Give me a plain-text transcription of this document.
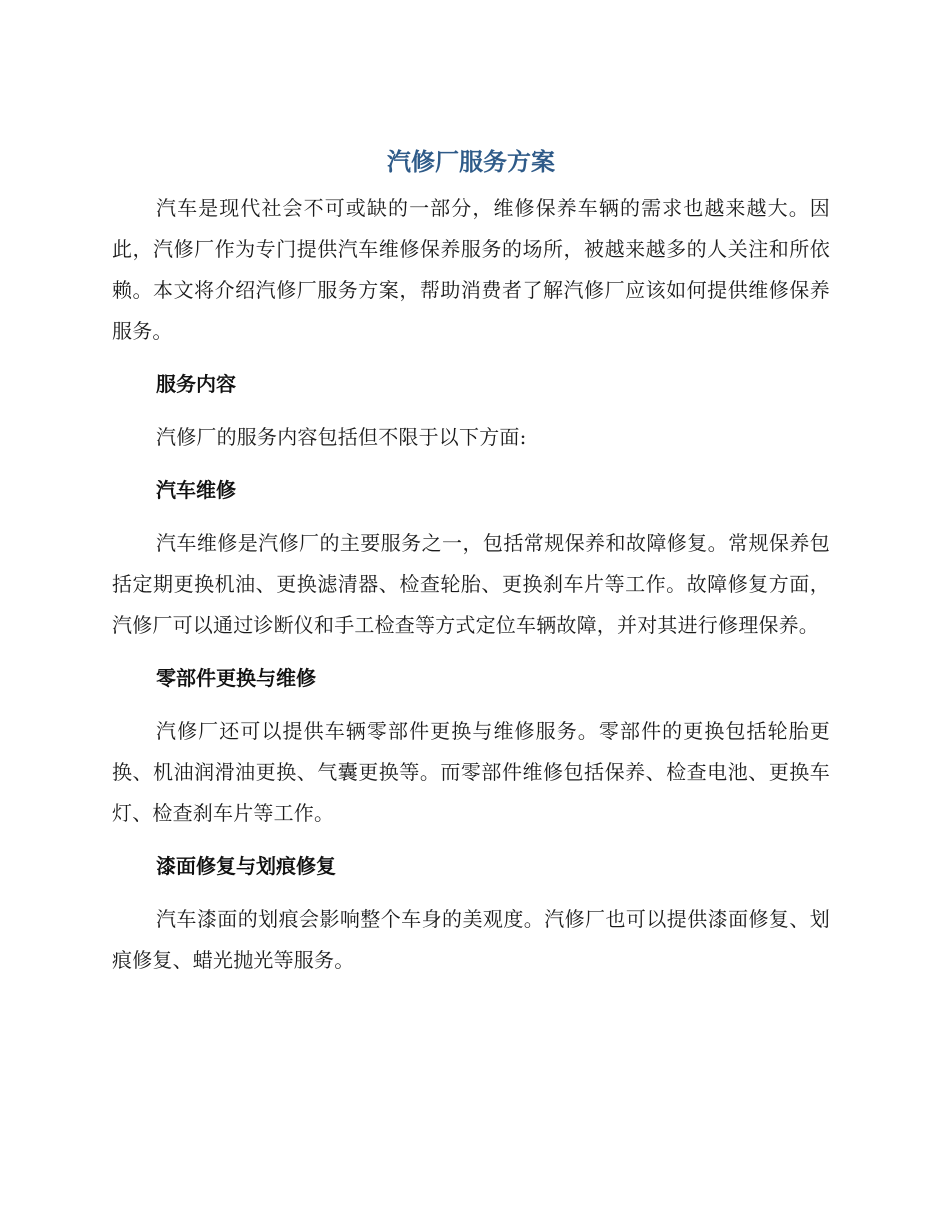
汽修厂服务方案

汽车是现代社会不可或缺的一部分，维修保养车辆的需求也越来越大。因此，汽修厂作为专门提供汽车维修保养服务的场所，被越来越多的人关注和所依赖。本文将介绍汽修厂服务方案，帮助消费者了解汽修厂应该如何提供维修保养服务。

服务内容

汽修厂的服务内容包括但不限于以下方面:

汽车维修

汽车维修是汽修厂的主要服务之一，包括常规保养和故障修复。常规保养包括定期更换机油、更换滤清器、检查轮胎、更换刹车片等工作。故障修复方面，汽修厂可以通过诊断仪和手工检查等方式定位车辆故障，并对其进行修理保养。

零部件更换与维修

汽修厂还可以提供车辆零部件更换与维修服务。零部件的更换包括轮胎更换、机油润滑油更换、气囊更换等。而零部件维修包括保养、检查电池、更换车灯、检查刹车片等工作。

漆面修复与划痕修复

汽车漆面的划痕会影响整个车身的美观度。汽修厂也可以提供漆面修复、划痕修复、蜡光抛光等服务。
